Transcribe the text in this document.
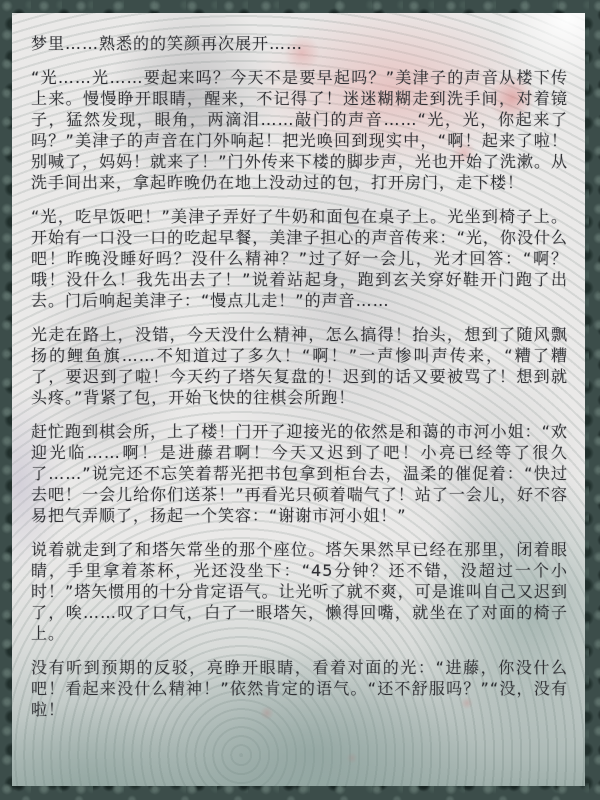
梦里……熟悉的的笑颜再次展开……

“光……光……要起来吗？今天不是要早起吗？”美津子的声音从楼下传上来。慢慢睁开眼睛，醒来，不记得了！迷迷糊糊走到洗手间，对着镜子，猛然发现，眼角，两滴泪……敲门的声音……“光，光，你起来了吗？”美津子的声音在门外响起！把光唤回到现实中，“啊！起来了啦！别喊了，妈妈！就来了！”门外传来下楼的脚步声，光也开始了洗漱。从洗手间出来，拿起昨晚仍在地上没动过的包，打开房门，走下楼！

“光，吃早饭吧！”美津子弄好了牛奶和面包在桌子上。光坐到椅子上。开始有一口没一口的吃起早餐，美津子担心的声音传来：“光，你没什么吧！昨晚没睡好吗？没什么精神？”过了好一会儿，光才回答：“啊？哦！没什么！我先出去了！”说着站起身，跑到玄关穿好鞋开门跑了出去。门后响起美津子：“慢点儿走！”的声音……

光走在路上，没错，今天没什么精神，怎么搞得！抬头，想到了随风飘扬的鲤鱼旗……不知道过了多久！“啊！”一声惨叫声传来，“糟了糟了，要迟到了啦！今天约了塔矢复盘的！迟到的话又要被骂了！想到就头疼。”背紧了包，开始飞快的往棋会所跑！

赶忙跑到棋会所，上了楼！门开了迎接光的依然是和蔼的市河小姐：“欢迎光临……啊！是进藤君啊！今天又迟到了吧！小亮已经等了很久了……”说完还不忘笑着帮光把书包拿到柜台去，温柔的催促着：“快过去吧！一会儿给你们送茶！”再看光只硕着喘气了！站了一会儿，好不容易把气弄顺了，扬起一个笑容：“谢谢市河小姐！”

说着就走到了和塔矢常坐的那个座位。塔矢果然早已经在那里，闭着眼睛，手里拿着茶杯，光还没坐下：“45分钟？还不错，没超过一个小时！”塔矢惯用的十分肯定语气。让光听了就不爽，可是谁叫自己又迟到了，唉……叹了口气，白了一眼塔矢，懒得回嘴，就坐在了对面的椅子上。

没有听到预期的反驳，亮睁开眼睛，看着对面的光：“进藤，你没什么吧！看起来没什么精神！”依然肯定的语气。“还不舒服吗？”“没，没有啦！
